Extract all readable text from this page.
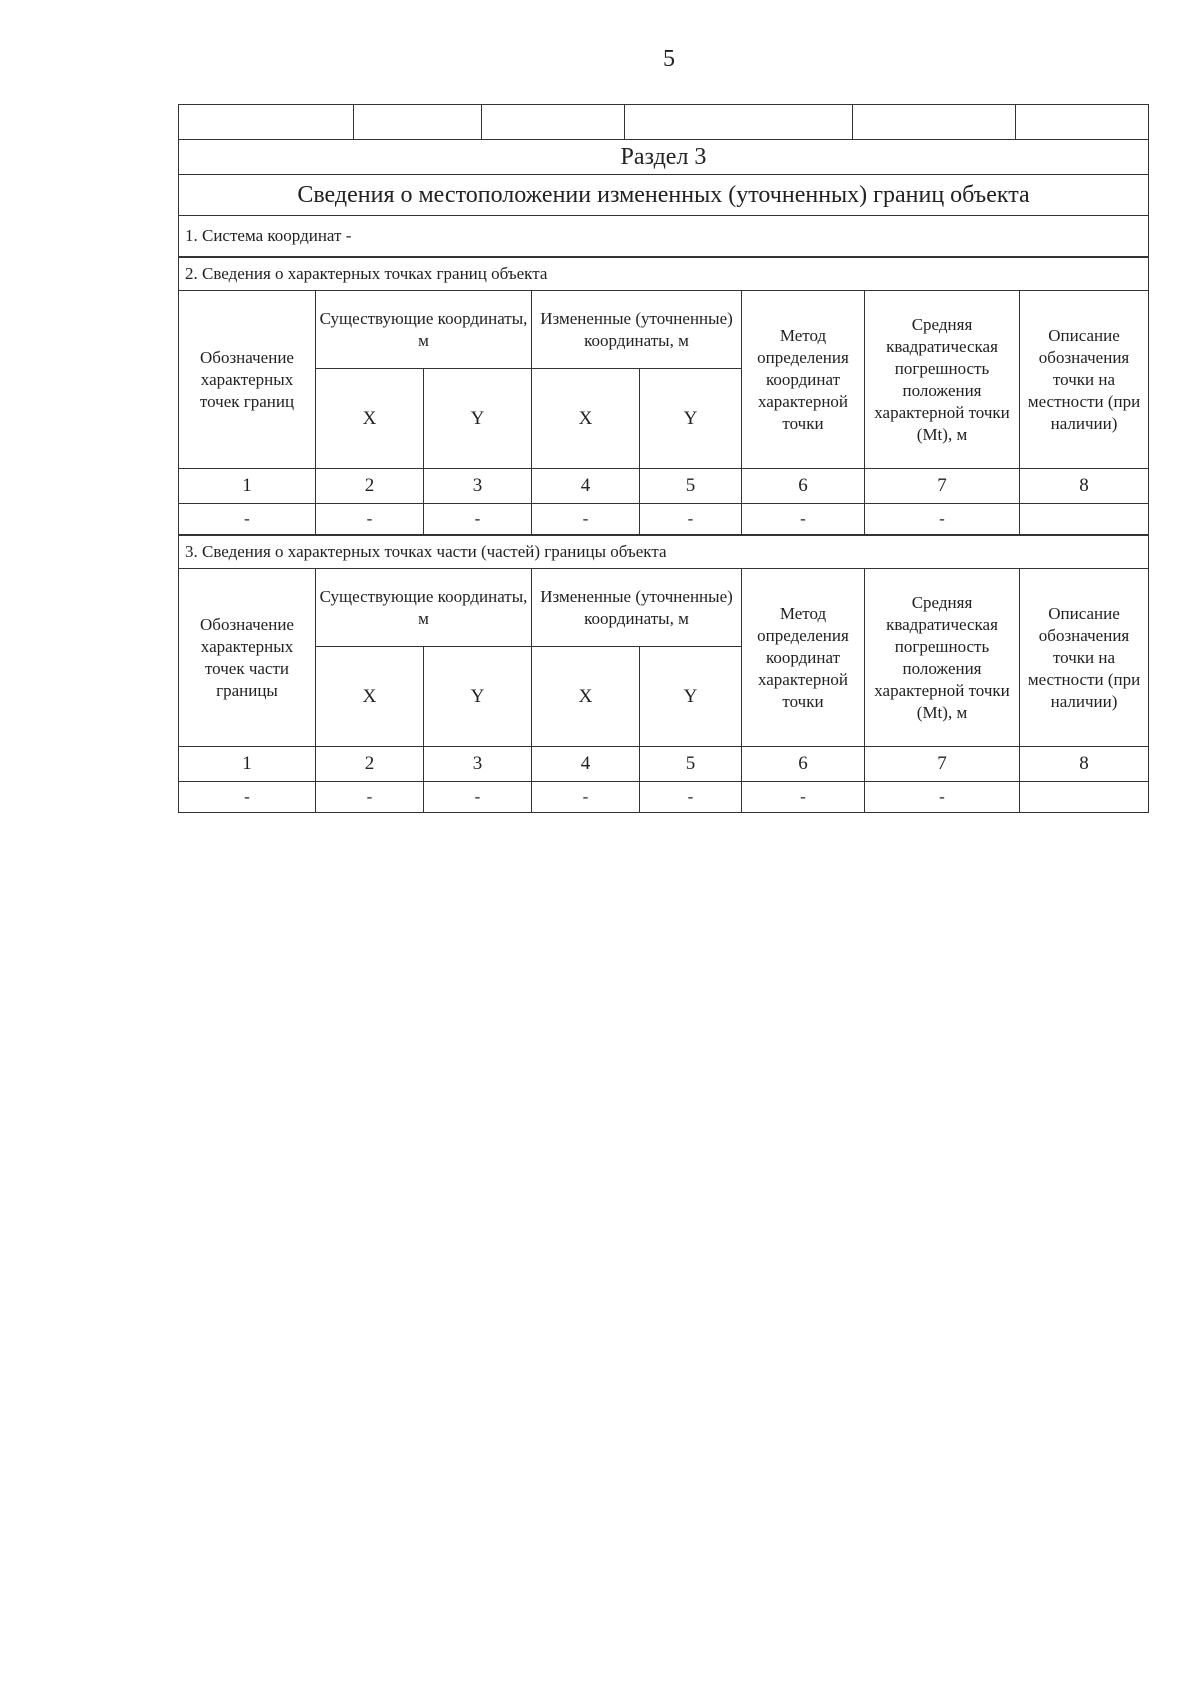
5

Раздел 3
Сведения о местоположении измененных (уточненных) границ объекта
1. Система координат -
2. Сведения о характерных точках границ объекта							
Обозначение характерных точек границ	Существующие координаты, м		Измененные (уточненные) координаты, м		Метод определения координат характерной точки	Средняя квадратическая погрешность положения характерной точки (Mt), м	Описание обозначения точки на местности (при наличии)
	X	Y	X	Y			
1	2	3	4	5	6	7	8
-	-	-	-	-	-	-	
3. Сведения о характерных точках части (частей) границы объекта							
Обозначение характерных точек части границы	Существующие координаты, м		Измененные (уточненные) координаты, м		Метод определения координат характерной точки	Средняя квадратическая погрешность положения характерной точки (Mt), м	Описание обозначения точки на местности (при наличии)
	X	Y	X	Y			
1	2	3	4	5	6	7	8
-	-	-	-	-	-	-	
